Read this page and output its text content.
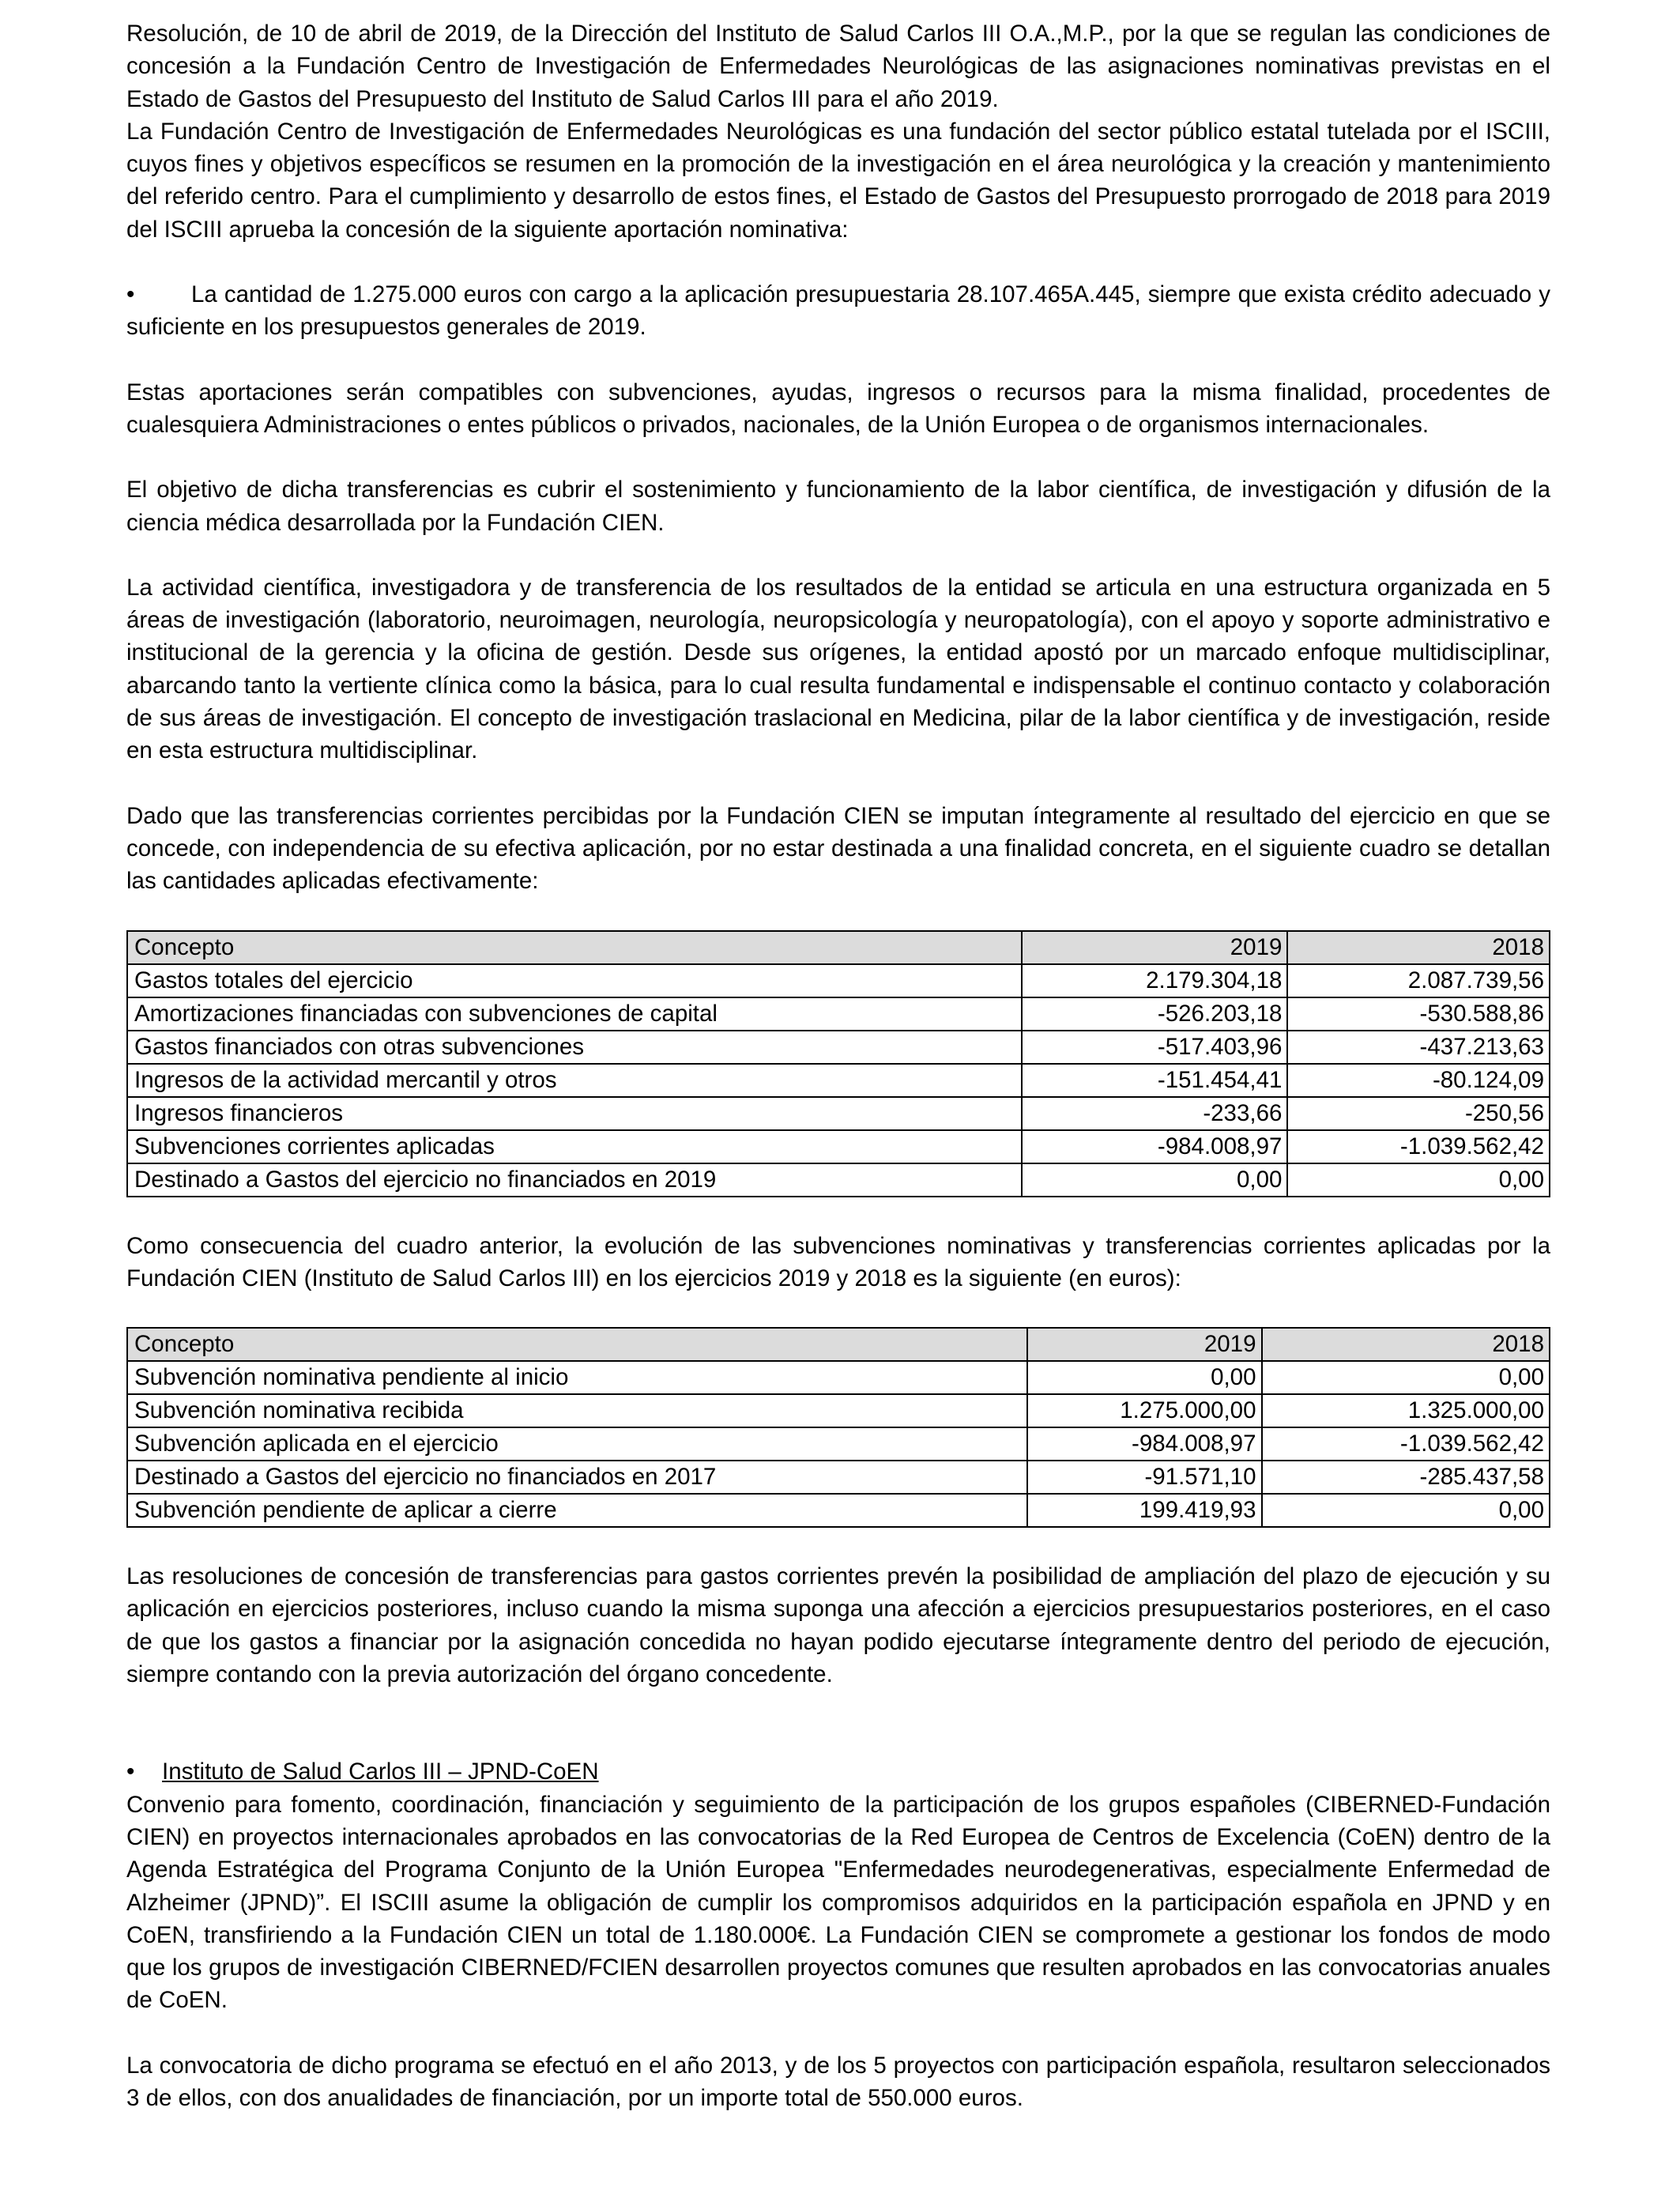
Resolución, de 10 de abril de 2019, de la Dirección del Instituto de Salud Carlos III O.A.,M.P., por la que se regulan las condiciones de concesión a la Fundación Centro de Investigación de Enfermedades Neurológicas de las asignaciones nominativas previstas en el Estado de Gastos del Presupuesto del Instituto de Salud Carlos III para el año 2019.

La Fundación Centro de Investigación de Enfermedades Neurológicas es una fundación del sector público estatal tutelada por el ISCIII, cuyos fines y objetivos específicos se resumen en la promoción de la investigación en el área neurológica y la creación y mantenimiento del referido centro. Para el cumplimiento y desarrollo de estos fines, el Estado de Gastos del Presupuesto prorrogado de 2018 para 2019 del ISCIII aprueba la concesión de la siguiente aportación nominativa:

• La cantidad de 1.275.000 euros con cargo a la aplicación presupuestaria 28.107.465A.445, siempre que exista crédito adecuado y suficiente en los presupuestos generales de 2019.

Estas aportaciones serán compatibles con subvenciones, ayudas, ingresos o recursos para la misma finalidad, procedentes de cualesquiera Administraciones o entes públicos o privados, nacionales, de la Unión Europea o de organismos internacionales.

El objetivo de dicha transferencias es cubrir el sostenimiento y funcionamiento de la labor científica, de investigación y difusión de la ciencia médica desarrollada por la Fundación CIEN.

La actividad científica, investigadora y de transferencia de los resultados de la entidad se articula en una estructura organizada en 5 áreas de investigación (laboratorio, neuroimagen, neurología, neuropsicología y neuropatología), con el apoyo y soporte administrativo e institucional de la gerencia y la oficina de gestión. Desde sus orígenes, la entidad apostó por un marcado enfoque multidisciplinar, abarcando tanto la vertiente clínica como la básica, para lo cual resulta fundamental e indispensable el continuo contacto y colaboración de sus áreas de investigación. El concepto de investigación traslacional en Medicina, pilar de la labor científica y de investigación, reside en esta estructura multidisciplinar.

Dado que las transferencias corrientes percibidas por la Fundación CIEN se imputan íntegramente al resultado del ejercicio en que se concede, con independencia de su efectiva aplicación, por no estar destinada a una finalidad concreta, en el siguiente cuadro se detallan las cantidades aplicadas efectivamente:

Concepto	2019	2018
Gastos totales del ejercicio	2.179.304,18	2.087.739,56
Amortizaciones financiadas con subvenciones de capital	-526.203,18	-530.588,86
Gastos financiados con otras subvenciones	-517.403,96	-437.213,63
Ingresos de la actividad mercantil y otros	-151.454,41	-80.124,09
Ingresos financieros	-233,66	-250,56
Subvenciones corrientes aplicadas	-984.008,97	-1.039.562,42
Destinado a Gastos del ejercicio no financiados en 2019	0,00	0,00

Como consecuencia del cuadro anterior, la evolución de las subvenciones nominativas y transferencias corrientes aplicadas por la Fundación CIEN (Instituto de Salud Carlos III) en los ejercicios 2019 y 2018 es la siguiente (en euros):

Concepto	2019	2018
Subvención nominativa pendiente al inicio	0,00	0,00
Subvención nominativa recibida	1.275.000,00	1.325.000,00
Subvención aplicada en el ejercicio	-984.008,97	-1.039.562,42
Destinado a Gastos del ejercicio no financiados en 2017	-91.571,10	-285.437,58
Subvención pendiente de aplicar a cierre	199.419,93	0,00

Las resoluciones de concesión de transferencias para gastos corrientes prevén la posibilidad de ampliación del plazo de ejecución y su aplicación en ejercicios posteriores, incluso cuando la misma suponga una afección a ejercicios presupuestarios posteriores, en el caso de que los gastos a financiar por la asignación concedida no hayan podido ejecutarse íntegramente dentro del periodo de ejecución, siempre contando con la previa autorización del órgano concedente.

• Instituto de Salud Carlos III – JPND-CoEN

Convenio para fomento, coordinación, financiación y seguimiento de la participación de los grupos españoles (CIBERNED-Fundación CIEN) en proyectos internacionales aprobados en las convocatorias de la Red Europea de Centros de Excelencia (CoEN) dentro de la Agenda Estratégica del Programa Conjunto de la Unión Europea "Enfermedades neurodegenerativas, especialmente Enfermedad de Alzheimer (JPND)”. El ISCIII asume la obligación de cumplir los compromisos adquiridos en la participación española en JPND y en CoEN, transfiriendo a la Fundación CIEN un total de 1.180.000€. La Fundación CIEN se compromete a gestionar los fondos de modo que los grupos de investigación CIBERNED/FCIEN desarrollen proyectos comunes que resulten aprobados en las convocatorias anuales de CoEN.

La convocatoria de dicho programa se efectuó en el año 2013, y de los 5 proyectos con participación española, resultaron seleccionados 3 de ellos, con dos anualidades de financiación, por un importe total de 550.000 euros.
